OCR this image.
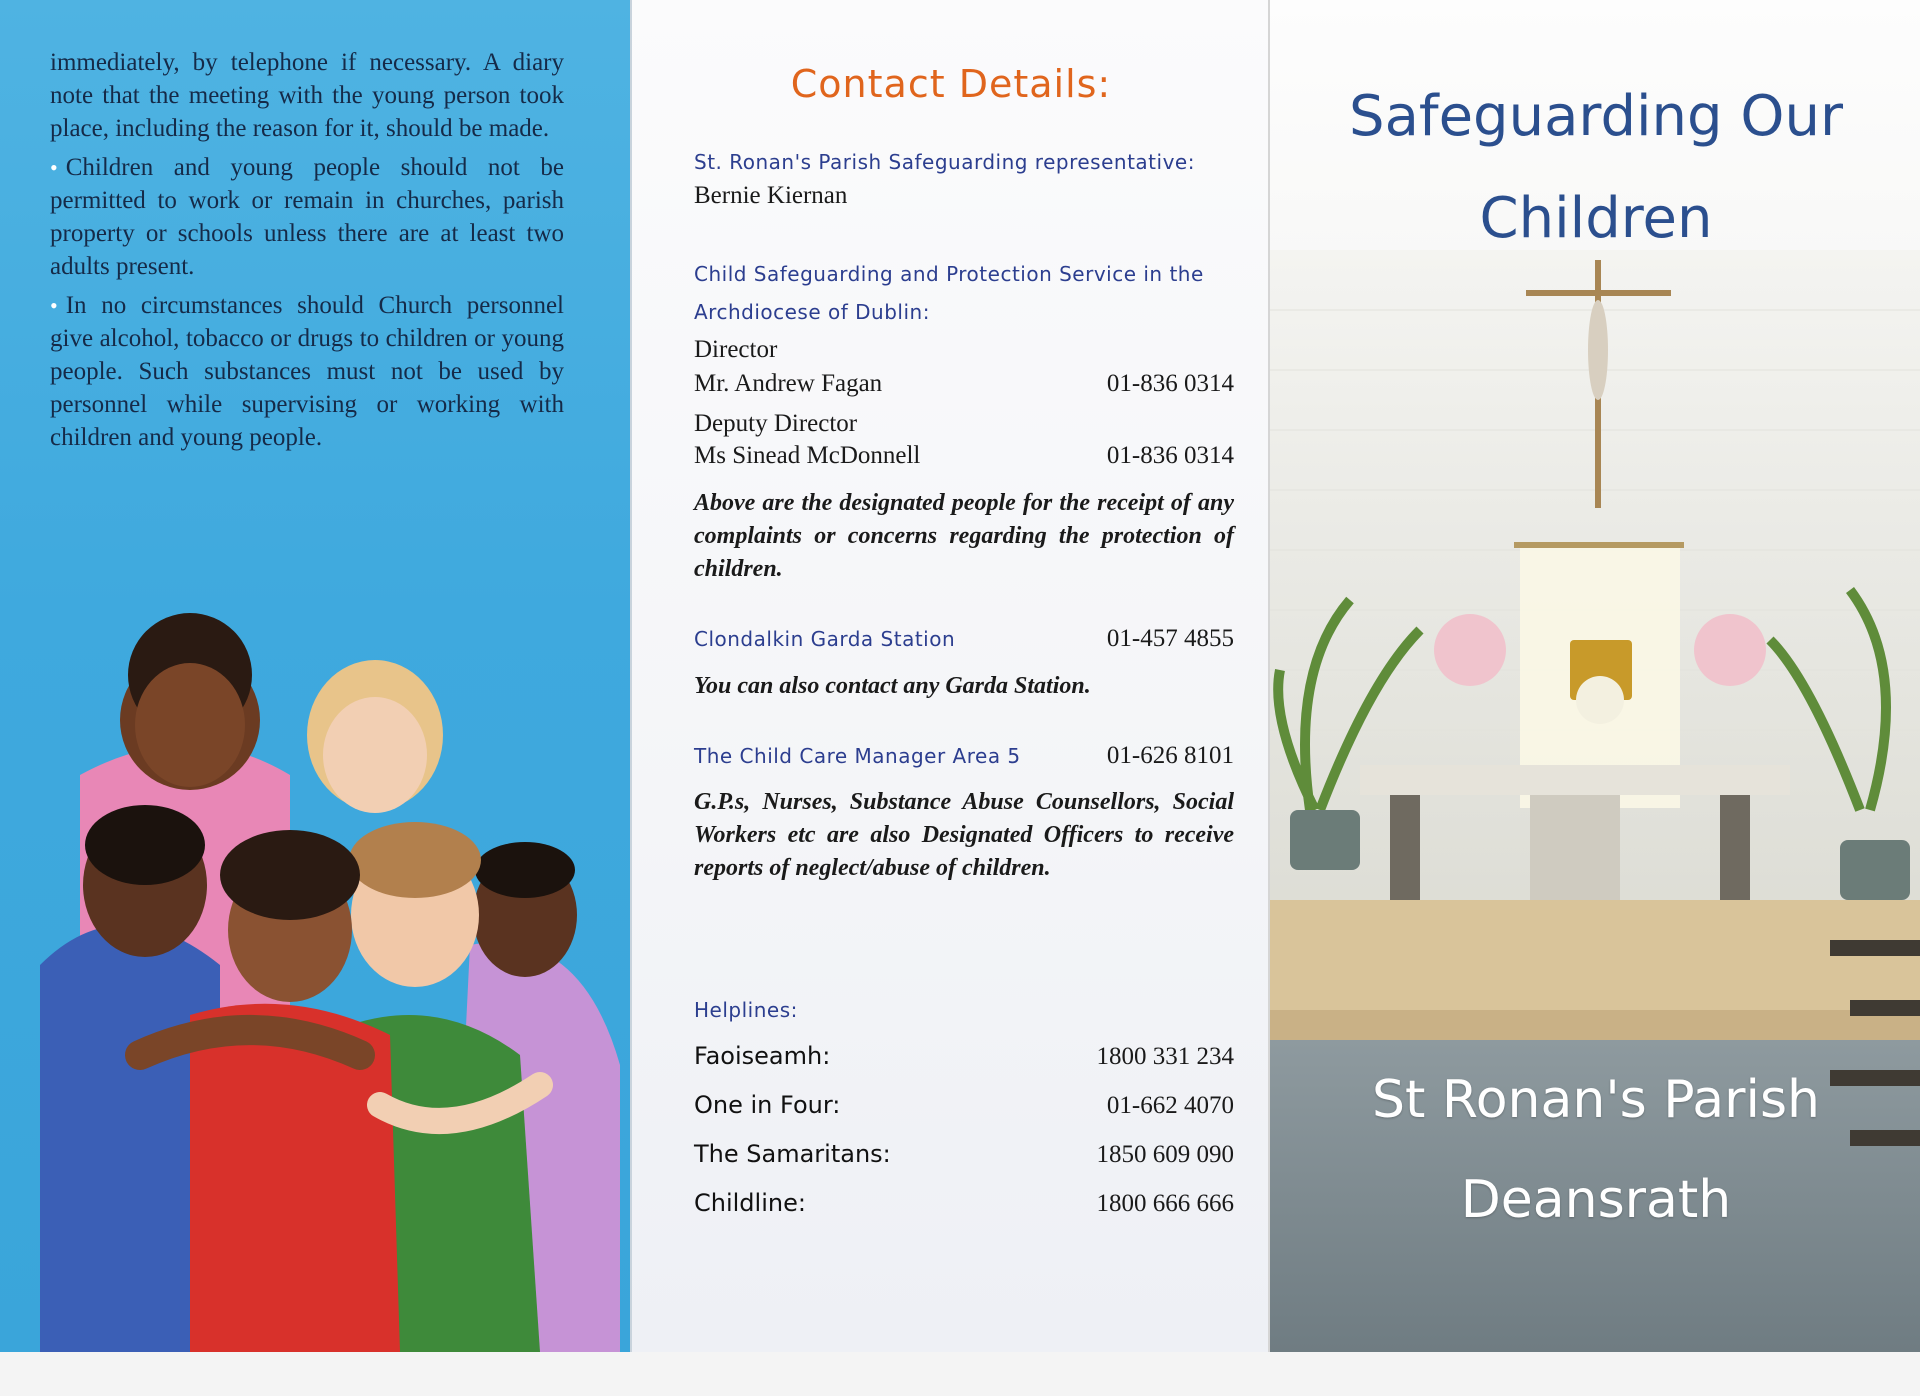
immediately, by telephone if necessary. A diary note that the meeting with the young person took place, including the reason for it, should be made.

• Children and young people should not be permitted to work or remain in churches, parish property or schools unless there are at least two adults present.

• In no circumstances should Church personnel give alcohol, tobacco or drugs to children or young people. Such substances must not be used by personnel while supervising or working with children and young people.

Contact Details:
St. Ronan's Parish Safeguarding representative:
Bernie Kiernan
Child Safeguarding and Protection Service in the
Archdiocese of Dublin:
Director
Mr. Andrew Fagan	01-836 0314
Deputy Director
Ms Sinead McDonnell	01-836 0314
Above are the designated people for the receipt of any complaints or concerns regarding the protection of children.
Clondalkin Garda Station	01-457 4855
You can also contact any Garda Station.
The Child Care Manager Area 5	01-626 8101
G.P.s, Nurses, Substance Abuse Counsellors, Social Workers etc are also Designated Officers to receive reports of neglect/abuse of children.
Helplines:
Faoiseamh:	1800 331 234
One in Four:	01-662 4070
The Samaritans:	1850 609 090
Childline:	1800 666 666
Safeguarding Our
Children
St Ronan's Parish
Deansrath
